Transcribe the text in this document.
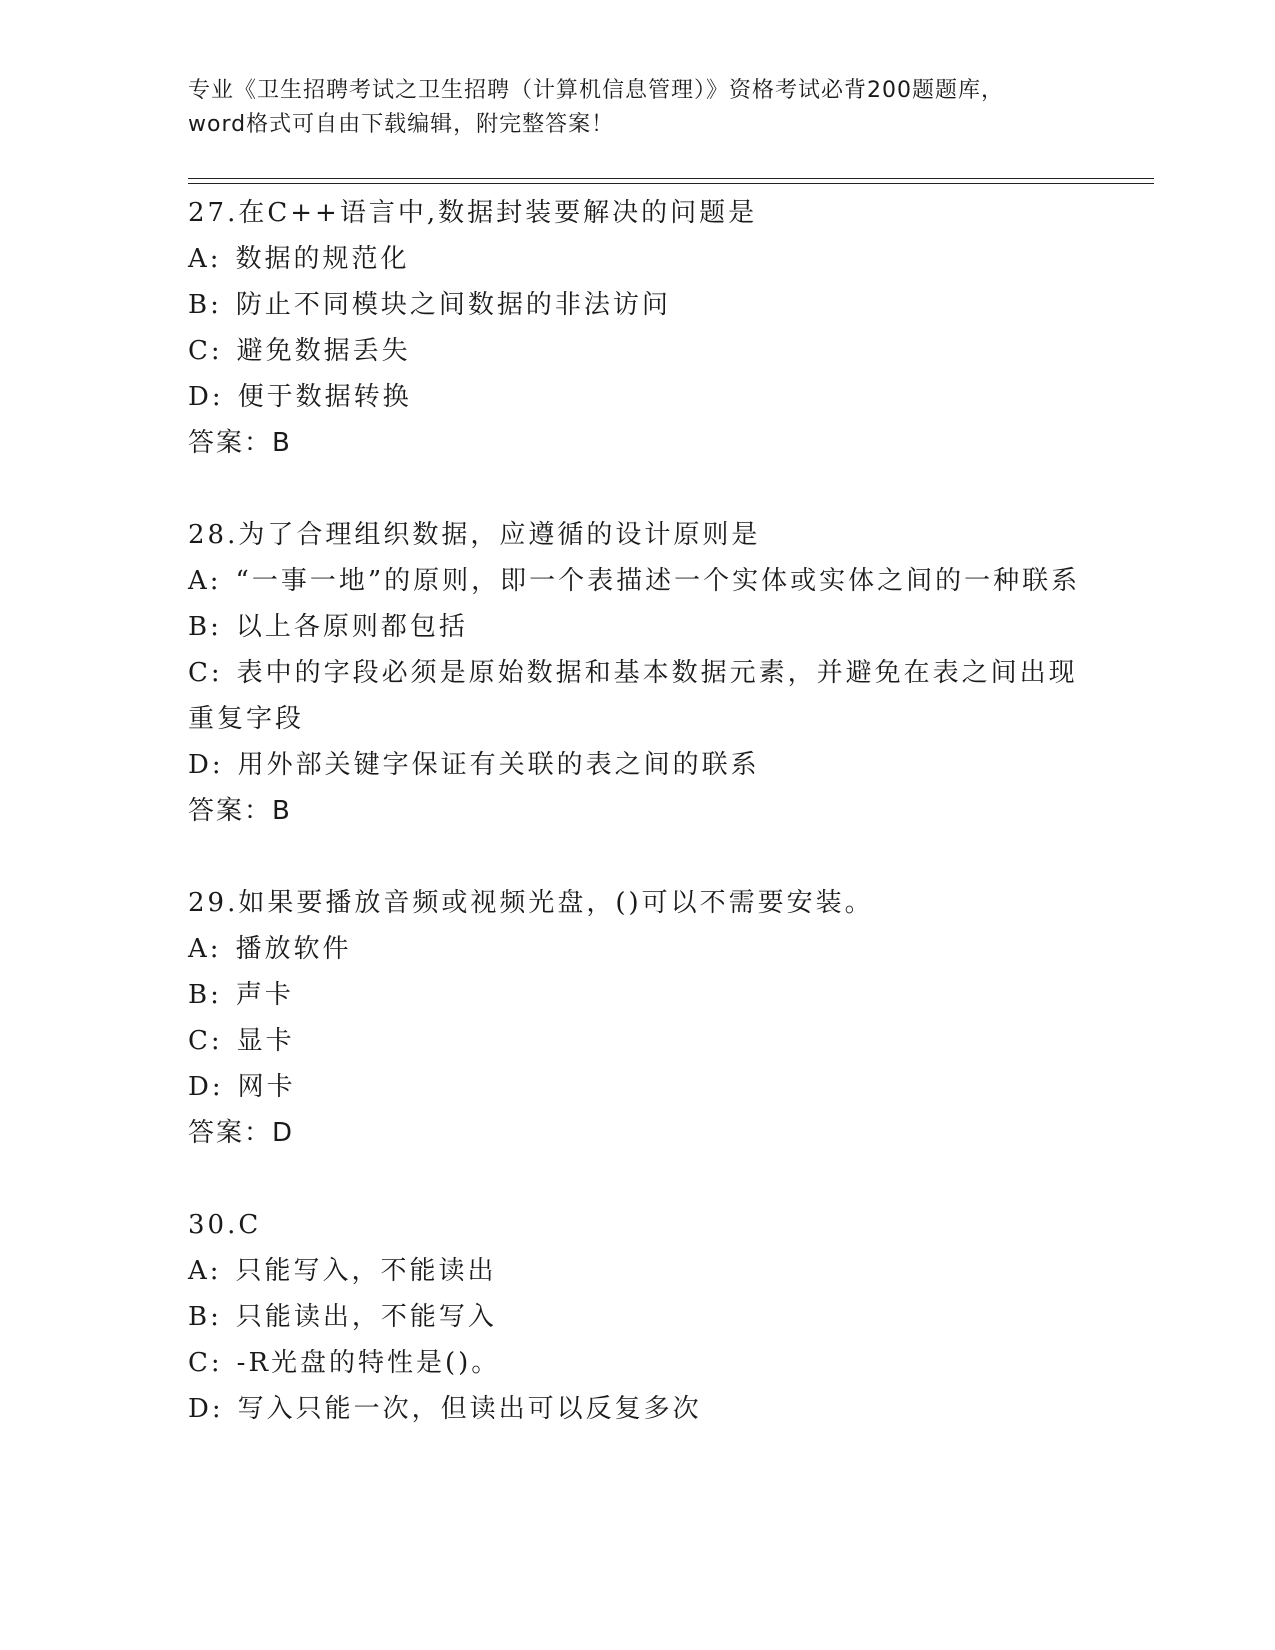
专业《卫生招聘考试之卫生招聘（计算机信息管理）》资格考试必背200题题库，
word格式可自由下载编辑，附完整答案！
27.在C++语言中,数据封装要解决的问题是
A: 数据的规范化
B: 防止不同模块之间数据的非法访问
C: 避免数据丢失
D: 便于数据转换
答案：B
28.为了合理组织数据，应遵循的设计原则是
A: “一事一地”的原则，即一个表描述一个实体或实体之间的一种联系
B: 以上各原则都包括
C: 表中的字段必须是原始数据和基本数据元素，并避免在表之间出现重复字段
D: 用外部关键字保证有关联的表之间的联系
答案：B
29.如果要播放音频或视频光盘，()可以不需要安装。
A: 播放软件
B: 声卡
C: 显卡
D: 网卡
答案：D
30.C
A: 只能写入，不能读出
B: 只能读出，不能写入
C: -R光盘的特性是()。
D: 写入只能一次，但读出可以反复多次
